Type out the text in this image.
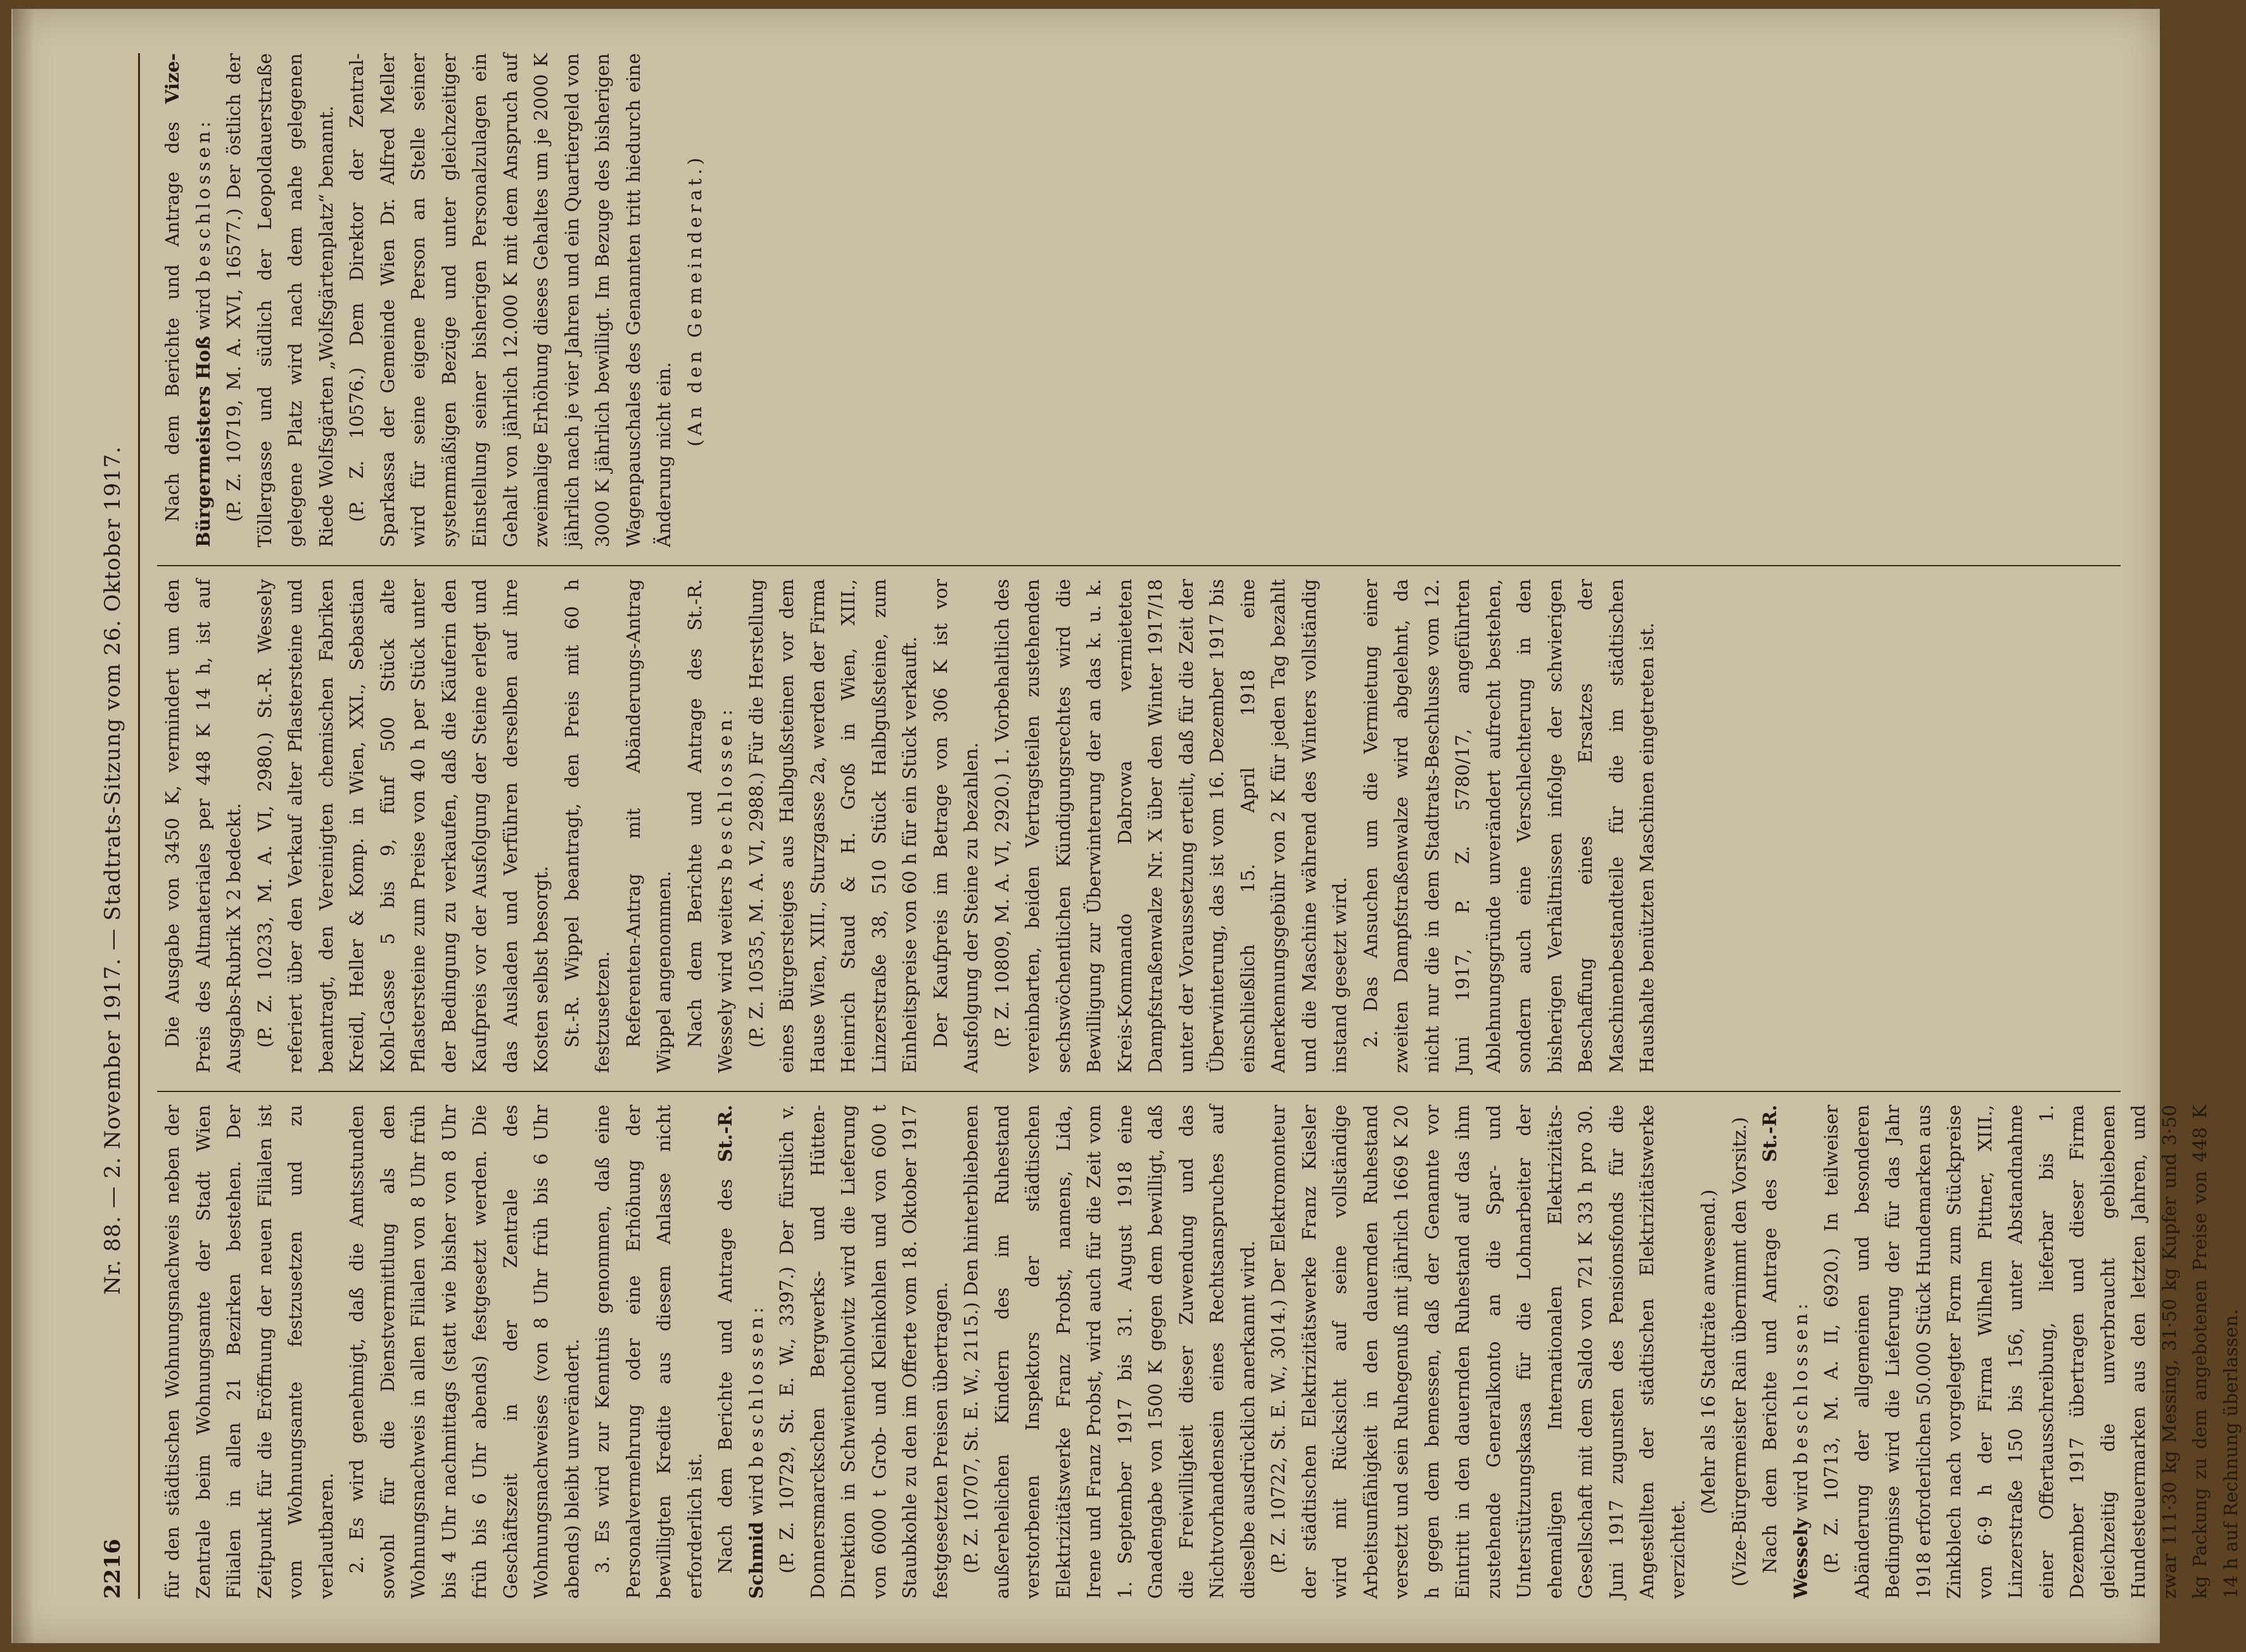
2216
Nr. 88. — 2. November 1917. — Stadtrats-Sitzung vom 26. Oktober 1917.

für den städtischen Wohnungsnachweis neben der Zentrale beim Wohnungsamte der Stadt Wien Filialen in allen 21 Bezirken bestehen. Der Zeitpunkt für die Eröffnung der neuen Filialen ist vom Wohnungsamte festzusetzen und zu verlautbaren. 2. Es wird genehmigt, daß die Amtsstunden sowohl für die Dienstvermittlung als den Wohnungsnachweis in allen Filialen von 8 Uhr früh bis 4 Uhr nachmittags (statt wie bisher von 8 Uhr früh bis 6 Uhr abends) festgesetzt werden. Die Geschäftszeit in der Zentrale des Wohnungsnachweises (von 8 Uhr früh bis 6 Uhr abends) bleibt unverändert. 3. Es wird zur Kenntnis genommen, daß eine Personalvermehrung oder eine Erhöhung der bewilligten Kredite aus diesem Anlasse nicht erforderlich ist. Nach dem Berichte und Antrage des St.-R. Schmid wird beschlossen: (P. Z. 10729, St. E. W., 3397.) Der fürstlich v. Donnersmarckschen Bergwerks- und Hütten-Direktion in Schwientochlowitz wird die Lieferung von 6000 t Grob- und Kleinkohlen und von 600 t Staubkohle zu den im Offerte vom 18. Oktober 1917 festgesetzten Preisen übertragen. (P. Z. 10707, St. E. W., 2115.) Den hinterbliebenen außerehelichen Kindern des im Ruhestand verstorbenen Inspektors der städtischen Elektrizitätswerke Franz Probst, namens, Lida, Irene und Franz Probst, wird auch für die Zeit vom 1. September 1917 bis 31. August 1918 eine Gnadengabe von 1500 K gegen dem bewilligt, daß die Freiwilligkeit dieser Zuwendung und das Nichtvorhandensein eines Rechtsanspruches auf dieselbe ausdrücklich anerkannt wird. (P. Z. 10722, St. E. W., 3014.) Der Elektromonteur der städtischen Elektrizitätswerke Franz Kiesler wird mit Rücksicht auf seine vollständige Arbeitsunfähigkeit in den dauernden Ruhestand versetzt und sein Ruhegenuß mit jährlich 1669 K 20 h gegen dem bemessen, daß der Genannte vor Eintritt in den dauernden Ruhestand auf das ihm zustehende Generalkonto an die Spar- und Unterstützungskassa für die Lohnarbeiter der ehemaligen Internationalen Elektrizitäts-Gesellschaft mit dem Saldo von 721 K 33 h pro 30. Juni 1917 zugunsten des Pensionsfonds für die Angestellten der städtischen Elektrizitätswerke verzichtet.

(Mehr als 16 Stadträte anwesend.) (Vize-Bürgermeister Rain übernimmt den Vorsitz.) Nach dem Berichte und Antrage des St.-R. Wessely wird beschlossen: (P. Z. 10713, M. A. II, 6920.) In teilweiser Abänderung der allgemeinen und besonderen Bedingnisse wird die Lieferung der für das Jahr 1918 erforderlichen 50.000 Stück Hundemarken aus Zinkblech nach vorgelegter Form zum Stückpreise von 6·9 h der Firma Wilhelm Pittner, XIII., Linzerstraße 150 bis 156, unter Abstandnahme einer Offertausschreibung, lieferbar bis 1. Dezember 1917 übertragen und dieser Firma gleichzeitig die unverbraucht gebliebenen Hundesteuermarken aus den letzten Jahren, und zwar 111·30 kg Messing, 31·50 kg Kupfer und 3·50 kg Packung zu dem angebotenen Preise von 448 K 14 h auf Rechnung überlassen.

Die Ausgabe von 3450 K, vermindert um den Preis des Altmateriales per 448 K 14 h, ist auf Ausgabs-Rubrik X 2 bedeckt. (P. Z. 10233, M. A. VI, 2980.) St.-R. Wessely referiert über den Verkauf alter Pflastersteine und beantragt, den Vereinigten chemischen Fabriken Kreidl, Heller & Komp. in Wien, XXI., Sebastian Kohl-Gasse 5 bis 9, fünf 500 Stück alte Pflastersteine zum Preise von 40 h per Stück unter der Bedingung zu verkaufen, daß die Käuferin den Kaufpreis vor der Ausfolgung der Steine erlegt und das Ausladen und Verführen derselben auf ihre Kosten selbst besorgt. St.-R. Wippel beantragt, den Preis mit 60 h festzusetzen. Referenten-Antrag mit Abänderungs-Antrag Wippel angenommen. Nach dem Berichte und Antrage des St.-R. Wessely wird weiters beschlossen: (P. Z. 10535, M. A. VI, 2988.) Für die Herstellung eines Bürgersteiges aus Halbgußsteinen vor dem Hause Wien, XIII., Sturzgasse 2a, werden der Firma Heinrich Staud & H. Groß in Wien, XIII., Linzerstraße 38, 510 Stück Halbgußsteine, zum Einheitspreise von 60 h für ein Stück verkauft. Der Kaufpreis im Betrage von 306 K ist vor Ausfolgung der Steine zu bezahlen. (P. Z. 10809, M. A. VI, 2920.) 1. Vorbehaltlich des vereinbarten, beiden Vertragsteilen zustehenden sechswöchentlichen Kündigungsrechtes wird die Bewilligung zur Überwinterung der an das k. u. k. Kreis-Kommando Dabrowa vermieteten Dampfstraßenwalze Nr. X über den Winter 1917/18 unter der Voraussetzung erteilt, daß für die Zeit der Überwinterung, das ist vom 16. Dezember 1917 bis einschließlich 15. April 1918 eine Anerkennungsgebühr von 2 K für jeden Tag bezahlt und die Maschine während des Winters vollständig instand gesetzt wird. 2. Das Ansuchen um die Vermietung einer zweiten Dampfstraßenwalze wird abgelehnt, da nicht nur die in dem Stadtrats-Beschlusse vom 12. Juni 1917, P. Z. 5780/17, angeführten Ablehnungsgründe unverändert aufrecht bestehen, sondern auch eine Verschlechterung in den bisherigen Verhältnissen infolge der schwierigen Beschaffung eines Ersatzes der Maschinenbestandteile für die im städtischen Haushalte benützten Maschinen eingetreten ist.

Nach dem Berichte und Antrage des Vize-Bürgermeisters Hoß wird beschlossen: (P. Z. 10719, M. A. XVI, 16577.) Der östlich der Töllergasse und südlich der Leopoldauerstraße gelegene Platz wird nach dem nahe gelegenen Riede Wolfsgärten „Wolfsgärtenplatz“ benannt. (P. Z. 10576.) Dem Direktor der Zentral-Sparkassa der Gemeinde Wien Dr. Alfred Meller wird für seine eigene Person an Stelle seiner systemmäßigen Bezüge und unter gleichzeitiger Einstellung seiner bisherigen Personalzulagen ein Gehalt von jährlich 12.000 K mit dem Anspruch auf zweimalige Erhöhung dieses Gehaltes um je 2000 K jährlich nach je vier Jahren und ein Quartiergeld von 3000 K jährlich bewilligt. Im Bezuge des bisherigen Wagenpauschales des Genannten tritt hiedurch eine Änderung nicht ein.

(An den Gemeinderat.)
